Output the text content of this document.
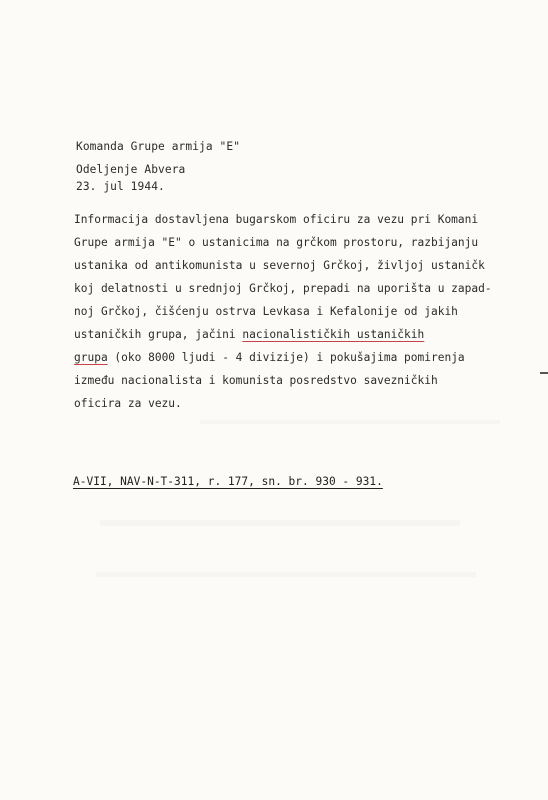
Komanda Grupe armija "E"
Odeljenje Abvera
23. jul 1944.
Informacija dostavljena bugarskom oficiru za vezu pri Komani
Grupe armija "E" o ustanicima na grčkom prostoru, razbijanju
ustanika od antikomunista u severnoj Grčkoj, življoj ustaničk
koj delatnosti u srednjoj Grčkoj, prepadi na uporišta u zapad-
noj Grčkoj, čišćenju ostrva Levkasa i Kefalonije od jakih
ustaničkih grupa, jačini nacionalističkih ustaničkih
grupa (oko 8000 ljudi - 4 divizije) i pokušajima pomirenja
između nacionalista i komunista posredstvo savezničkih
oficira za vezu.
A-VII, NAV-N-T-311, r. 177, sn. br. 930 - 931.
